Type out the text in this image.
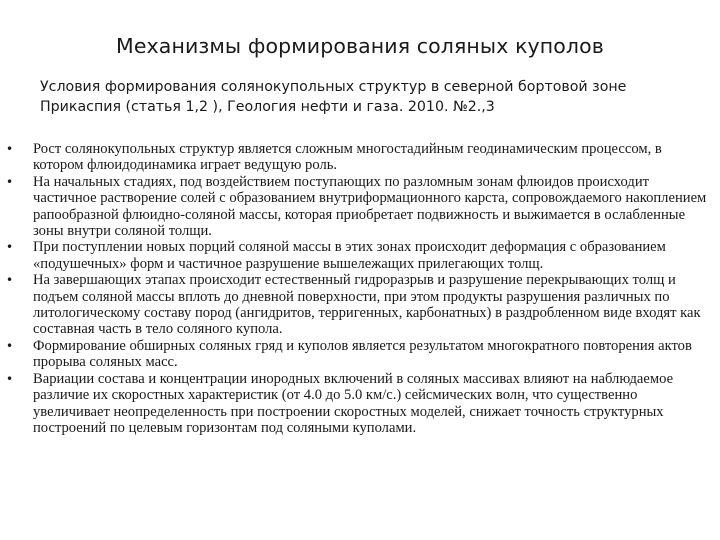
Механизмы формирования соляных куполов

Условия формирования солянокупольных структур в северной бортовой зоне Прикаспия (статья 1,2 ), Геология нефти и газа. 2010. №2.,3

• Рост солянокупольных структур является сложным многостадийным геодинамическим процессом, в котором флюидодинамика играет ведущую роль.
• На начальных стадиях, под воздействием поступающих по разломным зонам флюидов происходит частичное растворение солей с образованием внутриформационного карста, сопровождаемого накоплением рапообразной флюидно-соляной массы, которая приобретает подвижность и выжимается в ослабленные зоны внутри соляной толщи.
• При поступлении новых порций соляной массы в этих зонах происходит деформация с образованием «подушечных» форм и частичное разрушение вышележащих прилегающих толщ.
• На завершающих этапах происходит естественный гидроразрыв и разрушение перекрывающих толщ и подъем соляной массы вплоть до дневной поверхности, при этом продукты разрушения различных по литологическому составу пород (ангидритов, терригенных, карбонатных) в раздробленном виде входят как составная часть в тело соляного купола.
• Формирование обширных соляных гряд и куполов является результатом многократного повторения актов прорыва соляных масс.
• Вариации состава и концентрации инородных включений в соляных массивах влияют на наблюдаемое различие их скоростных характеристик (от 4.0 до 5.0 км/с.) сейсмических волн, что существенно увеличивает неопределенность при построении скоростных моделей, снижает точность структурных построений по целевым горизонтам под соляными куполами.
